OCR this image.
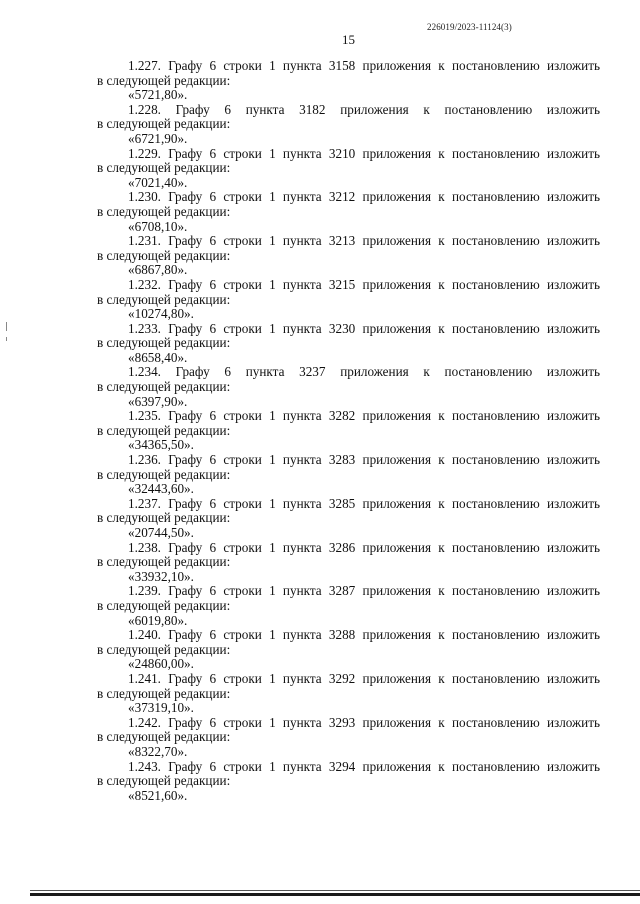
226019/2023-11124(3)
15
1.227. Графу 6 строки 1 пункта 3158 приложения к постановлению изложить
в следующей редакции:
«5721,80».
1.228. Графу 6 пункта 3182 приложения к постановлению изложить
в следующей редакции:
«6721,90».
1.229. Графу 6 строки 1 пункта 3210 приложения к постановлению изложить
в следующей редакции:
«7021,40».
1.230. Графу 6 строки 1 пункта 3212 приложения к постановлению изложить
в следующей редакции:
«6708,10».
1.231. Графу 6 строки 1 пункта 3213 приложения к постановлению изложить
в следующей редакции:
«6867,80».
1.232. Графу 6 строки 1 пункта 3215 приложения к постановлению изложить
в следующей редакции:
«10274,80».
1.233. Графу 6 строки 1 пункта 3230 приложения к постановлению изложить
в следующей редакции:
«8658,40».
1.234. Графу 6 пункта 3237 приложения к постановлению изложить
в следующей редакции:
«6397,90».
1.235. Графу 6 строки 1 пункта 3282 приложения к постановлению изложить
в следующей редакции:
«34365,50».
1.236. Графу 6 строки 1 пункта 3283 приложения к постановлению изложить
в следующей редакции:
«32443,60».
1.237. Графу 6 строки 1 пункта 3285 приложения к постановлению изложить
в следующей редакции:
«20744,50».
1.238. Графу 6 строки 1 пункта 3286 приложения к постановлению изложить
в следующей редакции:
«33932,10».
1.239. Графу 6 строки 1 пункта 3287 приложения к постановлению изложить
в следующей редакции:
«6019,80».
1.240. Графу 6 строки 1 пункта 3288 приложения к постановлению изложить
в следующей редакции:
«24860,00».
1.241. Графу 6 строки 1 пункта 3292 приложения к постановлению изложить
в следующей редакции:
«37319,10».
1.242. Графу 6 строки 1 пункта 3293 приложения к постановлению изложить
в следующей редакции:
«8322,70».
1.243. Графу 6 строки 1 пункта 3294 приложения к постановлению изложить
в следующей редакции:
«8521,60».
